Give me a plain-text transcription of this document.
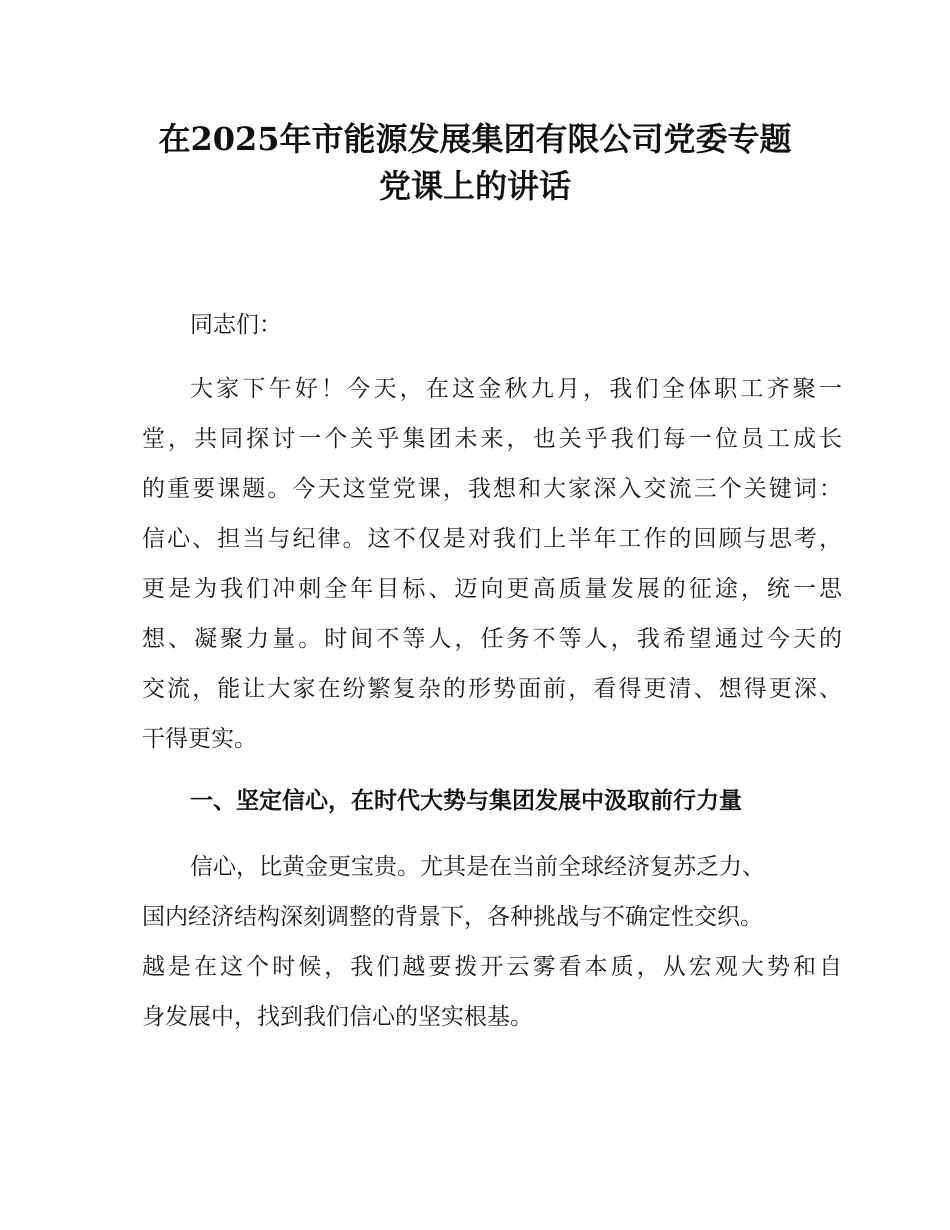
在2025年市能源发展集团有限公司党委专题
党课上的讲话

同志们：

大家下午好！今天，在这金秋九月，我们全体职工齐聚一
堂，共同探讨一个关乎集团未来，也关乎我们每一位员工成长
的重要课题。今天这堂党课，我想和大家深入交流三个关键词：
信心、担当与纪律。这不仅是对我们上半年工作的回顾与思考，
更是为我们冲刺全年目标、迈向更高质量发展的征途，统一思
想、凝聚力量。时间不等人，任务不等人，我希望通过今天的
交流，能让大家在纷繁复杂的形势面前，看得更清、想得更深、
干得更实。
一、坚定信心，在时代大势与集团发展中汲取前行力量
信心，比黄金更宝贵。尤其是在当前全球经济复苏乏力、
国内经济结构深刻调整的背景下，各种挑战与不确定性交织。
越是在这个时候，我们越要拨开云雾看本质，从宏观大势和自
身发展中，找到我们信心的坚实根基。
